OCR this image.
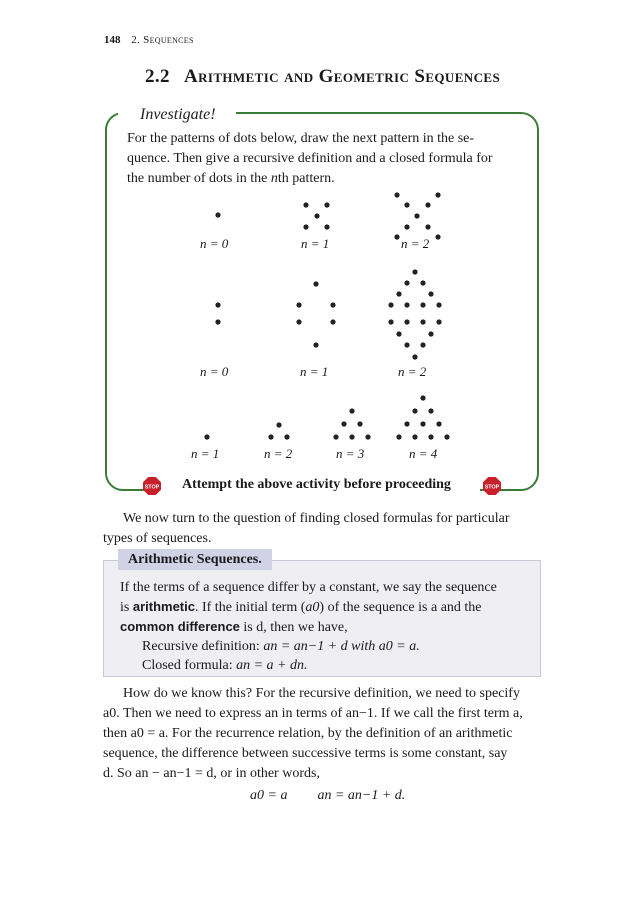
148 2. Sequences
2.2 Arithmetic and Geometric Sequences
Investigate!

For the patterns of dots below, draw the next pattern in the se-

quence. Then give a recursive definition and a closed formula for

the number of dots in the nth pattern.

n = 0	n = 1	n = 2
n = 0	n = 1	n = 2
n = 1	n = 2	n = 3	n = 4
STOP Attempt the above activity before proceeding	STOP

We now turn to the question of finding closed formulas for particular

types of sequences.

Arithmetic Sequences.

If the terms of a sequence differ by a constant, we say the sequence

is arithmetic. If the initial term (a0) of the sequence is a and the

common difference is d, then we have,

Recursive definition: an = an−1 + d with a0 = a.

Closed formula: an = a + dn.

How do we know this? For the recursive definition, we need to specify

a0. Then we need to express an in terms of an−1. If we call the first term a,

then a0 = a. For the recurrence relation, by the definition of an arithmetic

sequence, the difference between successive terms is some constant, say

d. So an − an−1 = d, or in other words,

a0 = a an = an−1 + d.
